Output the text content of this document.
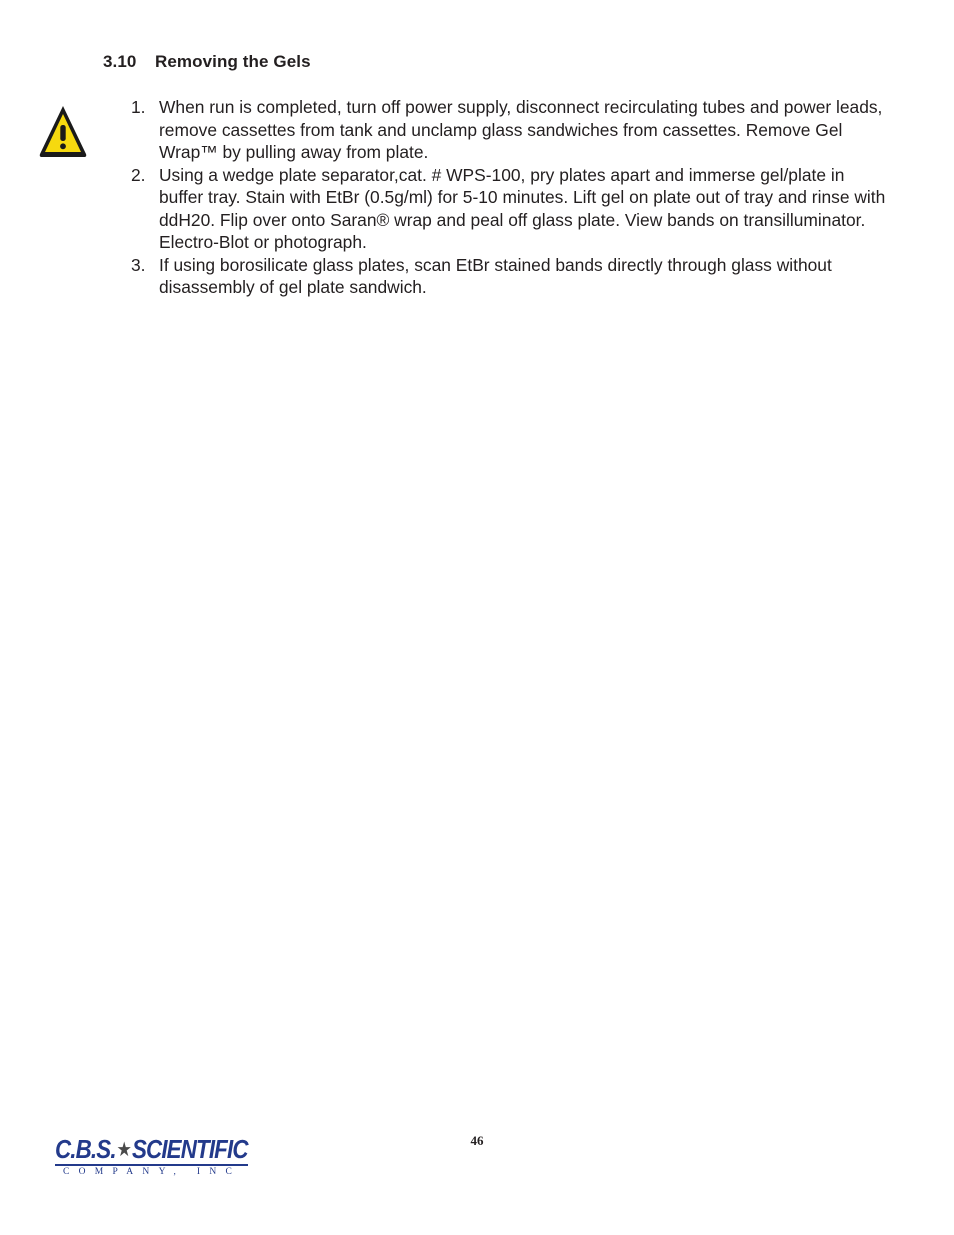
3.10 Removing the Gels
1. When run is completed, turn off power supply, disconnect recirculating tubes and power leads, remove cassettes from tank and unclamp glass sandwiches from cassettes. Remove Gel Wrap™ by pulling away from plate.
2. Using a wedge plate separator,cat. # WPS-100, pry plates apart and immerse gel/plate in buffer tray. Stain with EtBr (0.5g/ml) for 5-10 minutes. Lift gel on plate out of tray and rinse with ddH20. Flip over onto Saran® wrap and peal off glass plate. View bands on transilluminator. Electro-Blot or photograph.
3. If using borosilicate glass plates, scan EtBr stained bands directly through glass without disassembly of gel plate sandwich.
46
C.B.S.★SCIENTIFIC
COMPANY, INC
